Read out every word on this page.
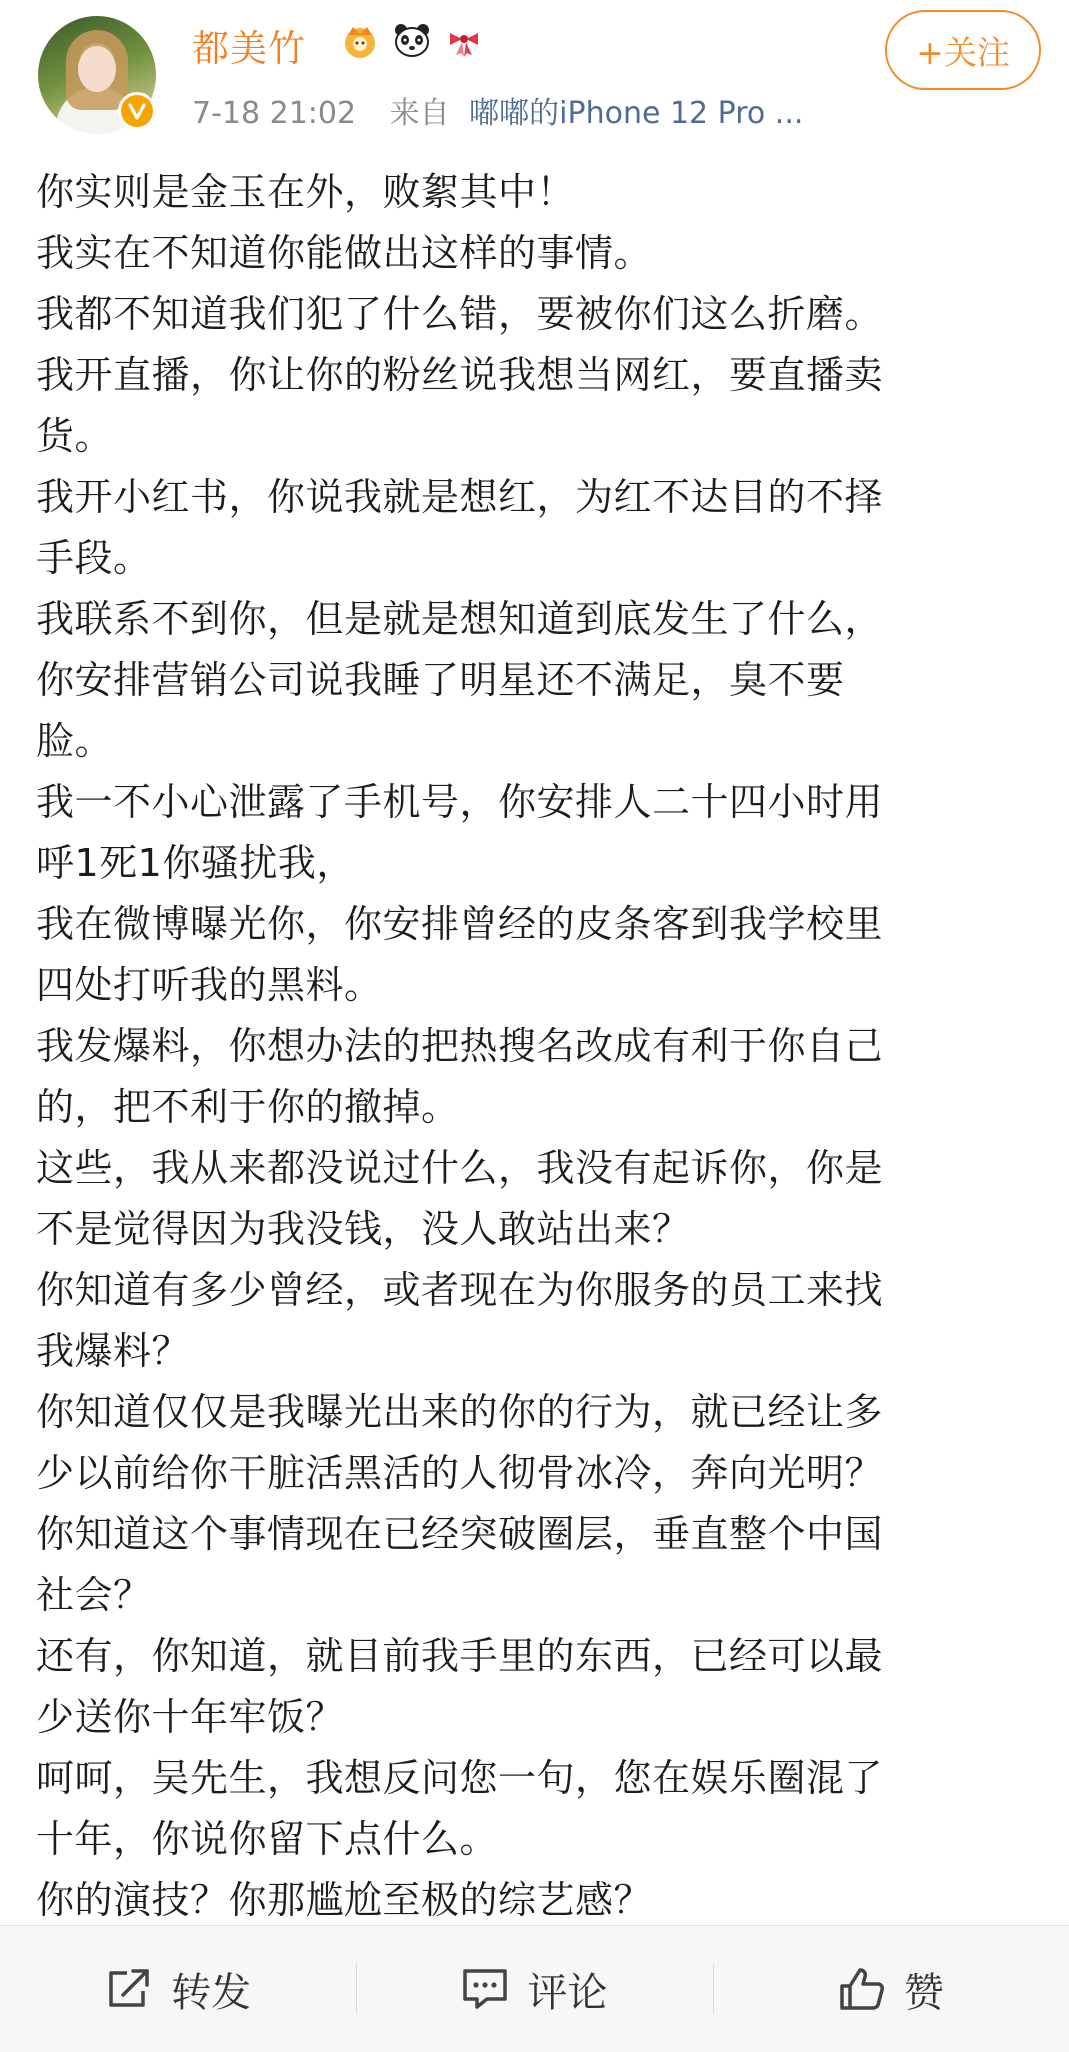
都美竹
7-18 21:02 来自 嘟嘟的iPhone 12 Pro ...
+关注
你实则是金玉在外，败絮其中！
我实在不知道你能做出这样的事情。
我都不知道我们犯了什么错，要被你们这么折磨。
我开直播，你让你的粉丝说我想当网红，要直播卖
货。
我开小红书，你说我就是想红，为红不达目的不择
手段。
我联系不到你，但是就是想知道到底发生了什么，
你安排营销公司说我睡了明星还不满足，臭不要
脸。
我一不小心泄露了手机号，你安排人二十四小时用
呼1死1你骚扰我，
我在微博曝光你，你安排曾经的皮条客到我学校里
四处打听我的黑料。
我发爆料，你想办法的把热搜名改成有利于你自己
的，把不利于你的撤掉。
这些，我从来都没说过什么，我没有起诉你，你是
不是觉得因为我没钱，没人敢站出来？
你知道有多少曾经，或者现在为你服务的员工来找
我爆料？
你知道仅仅是我曝光出来的你的行为，就已经让多
少以前给你干脏活黑活的人彻骨冰冷，奔向光明？
你知道这个事情现在已经突破圈层，垂直整个中国
社会？
还有，你知道，就目前我手里的东西，已经可以最
少送你十年牢饭？
呵呵，吴先生，我想反问您一句，您在娱乐圈混了
十年，你说你留下点什么。
你的演技？你那尴尬至极的综艺感？
转发	评论	赞
